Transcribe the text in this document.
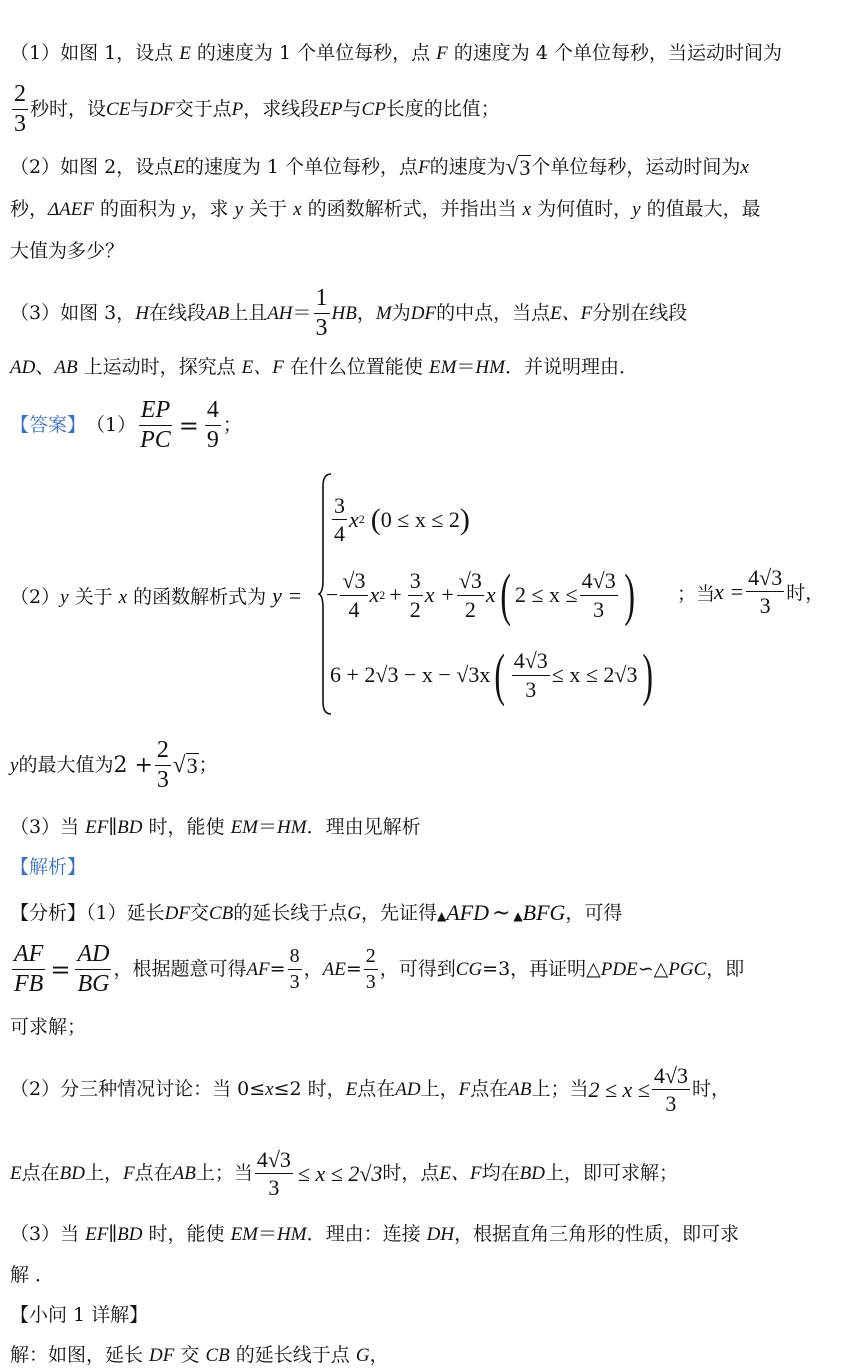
（1）如图 1，设点 E 的速度为 1 个单位每秒，点 F 的速度为 4 个单位每秒，当运动时间为
$\frac{2}{3}$ 秒时，设 CE 与 DF 交于点 P ，求线段 EP 与 CP 长度的比值；
（2）如图 2，设点 E 的速度为 1 个单位每秒，点 F 的速度为 √ 3 个单位每秒，运动时间为 x
秒，ΔAEF 的面积为 y，求 y 关于 x 的函数解析式，并指出当 x 为何值时，y 的值最大，最
大值为多少？
（3）如图 3， H 在线段 AB 上且 AH ＝ $\frac{1}{3}$ HB ， M 为 DF 的中点，当点 E、F 分别在线段
AD、AB 上运动时，探究点 E、F 在什么位置能使 EM＝HM．并说明理由．
【答案】 $(1) \frac{EP}{PC} = \frac{4}{9}$ ；
（2）y 关于 x 的函数解析式为 y =
$\frac{3}{4}$ x 2 ( 0 ≤ x ≤ 2 )
− $\frac{√3}{4}$ x $2 + \frac{3}{2}$ $x + \frac{√3}{2}$ x ( $2 \le x \le \frac{4√3}{3}$ ) ；当
$x = \frac{4√3}{3}$ 时，
6 + 2√3 − x − √3x ( $\frac{4√3}{3} \le x \le 2√3$ )
y 的最大值为 $2 + \frac{2}{3}$ √ 3 ；
（3）当 EF∥BD 时，能使 EM＝HM．理由见解析
【解析】
【分析】（1）延长 DF 交 CB 的延长线于点 G ，先证得 ▲ AFD ~ ▲ BFG ，可得
$\frac{AF}{FB} = \frac{AD}{BG}$ ，根据题意可得 AF = $\frac{8}{3}$ ， AE = $\frac{2}{3}$ ，可得到 CG =3，再证明△ PDE ∽△ PGC ，即
可求解；
（2）分三种情况讨论：当 0≤ x ≤2 时， E 点在 AD 上， F 点在 AB 上；当 $2 \le x \le \frac{4√3}{3}$ 时，
E 点在 BD 上， F 点在 AB 上；当 $\frac{4√3}{3} \le x \le 2√3$ 时，点 E、F 均在 BD 上，即可求解；
（3）当 EF∥BD 时，能使 EM＝HM．理由：连接 DH，根据直角三角形的性质，即可求
解 ．
【小问 1 详解】
解：如图，延长 DF 交 CB 的延长线于点 G，
